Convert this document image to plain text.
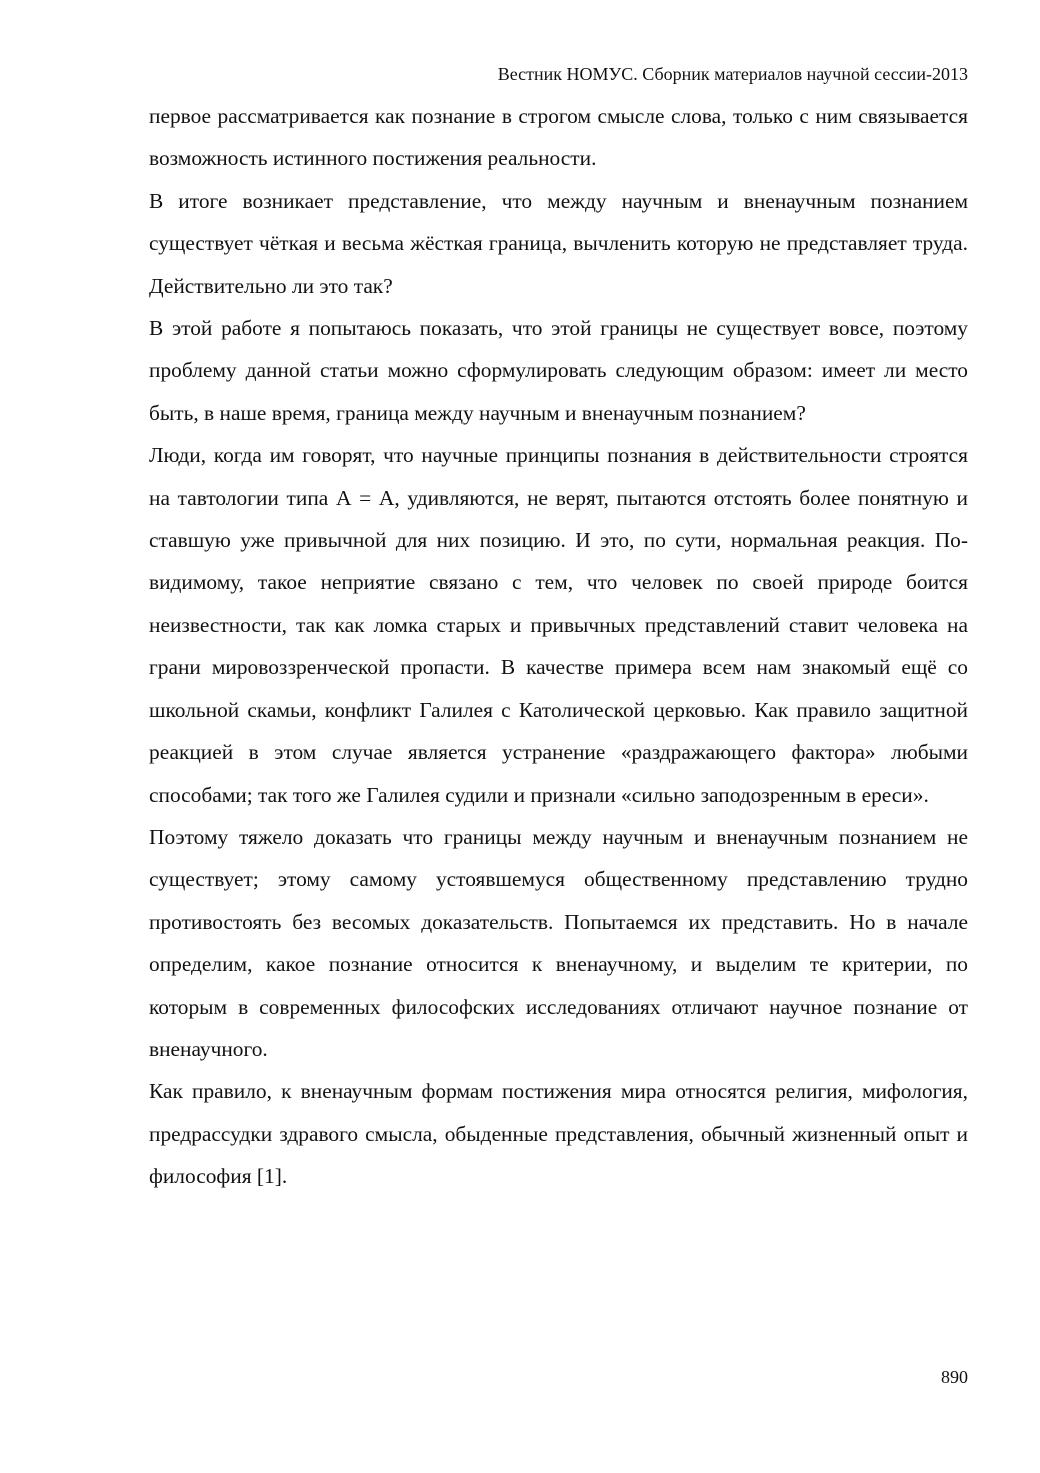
Вестник НОМУС. Сборник материалов научной сессии-2013

первое рассматривается как познание в строгом смысле слова, только с ним связывается возможность истинного постижения реальности.

В итоге возникает представление, что между научным и вненаучным познанием существует чёткая и весьма жёсткая граница, вычленить которую не представляет труда. Действительно ли это так?

В этой работе я попытаюсь показать, что этой границы не существует вовсе, поэтому проблему данной статьи можно сформулировать следующим образом: имеет ли место быть, в наше время, граница между научным и вненаучным познанием?

Люди, когда им говорят, что научные принципы познания в действительности строятся на тавтологии типа А = А, удивляются, не верят, пытаются отстоять более понятную и ставшую уже привычной для них позицию. И это, по сути, нормальная реакция. По-видимому, такое неприятие связано с тем, что человек по своей природе боится неизвестности, так как ломка старых и привычных представлений ставит человека на грани мировоззренческой пропасти. В качестве примера всем нам знакомый ещё со школьной скамьи, конфликт Галилея с Католической церковью. Как правило защитной реакцией в этом случае является устранение «раздражающего фактора» любыми способами; так того же Галилея судили и признали «сильно заподозренным в ереси».

Поэтому тяжело доказать что границы между научным и вненаучным познанием не существует; этому самому устоявшемуся общественному представлению трудно противостоять без весомых доказательств. Попытаемся их представить. Но в начале определим, какое познание относится к вненаучному, и выделим те критерии, по которым в современных философских исследованиях отличают научное познание от вненаучного.

Как правило, к вненаучным формам постижения мира относятся религия, мифология, предрассудки здравого смысла, обыденные представления, обычный жизненный опыт и философия [1].

890
